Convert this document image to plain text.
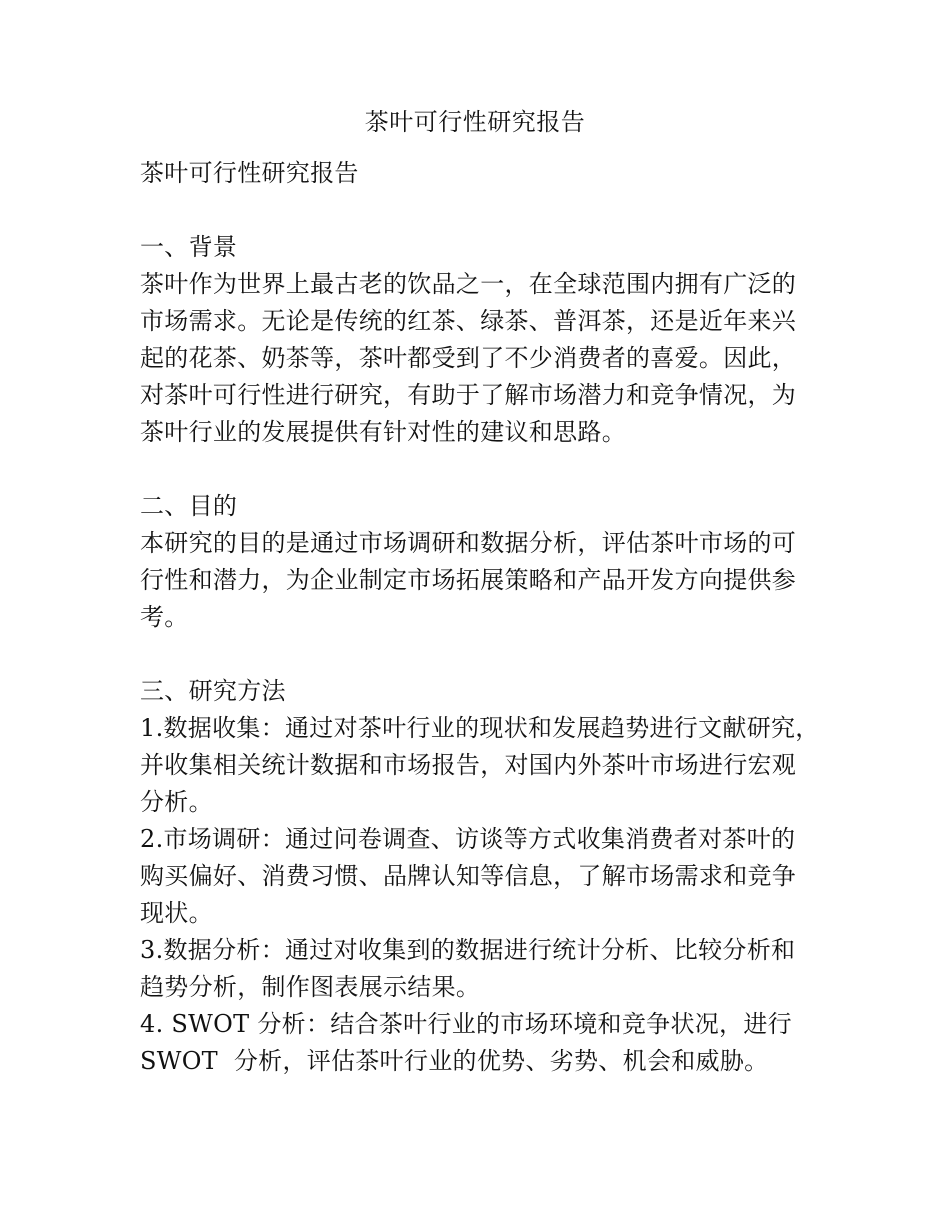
茶叶可行性研究报告
茶叶可行性研究报告
一、背景
茶叶作为世界上最古老的饮品之一，在全球范围内拥有广泛的
市场需求。无论是传统的红茶、绿茶、普洱茶，还是近年来兴
起的花茶、奶茶等，茶叶都受到了不少消费者的喜爱。因此，
对茶叶可行性进行研究，有助于了解市场潜力和竞争情况，为
茶叶行业的发展提供有针对性的建议和思路。
二、目的
本研究的目的是通过市场调研和数据分析，评估茶叶市场的可
行性和潜力，为企业制定市场拓展策略和产品开发方向提供参
考。
三、研究方法
1.数据收集：通过对茶叶行业的现状和发展趋势进行文献研究，
并收集相关统计数据和市场报告，对国内外茶叶市场进行宏观
分析。
2.市场调研：通过问卷调查、访谈等方式收集消费者对茶叶的
购买偏好、消费习惯、品牌认知等信息，了解市场需求和竞争
现状。
3.数据分析：通过对收集到的数据进行统计分析、比较分析和
趋势分析，制作图表展示结果。
4. SWOT 分析：结合茶叶行业的市场环境和竞争状况，进行
SWOT  分析，评估茶叶行业的优势、劣势、机会和威胁。
